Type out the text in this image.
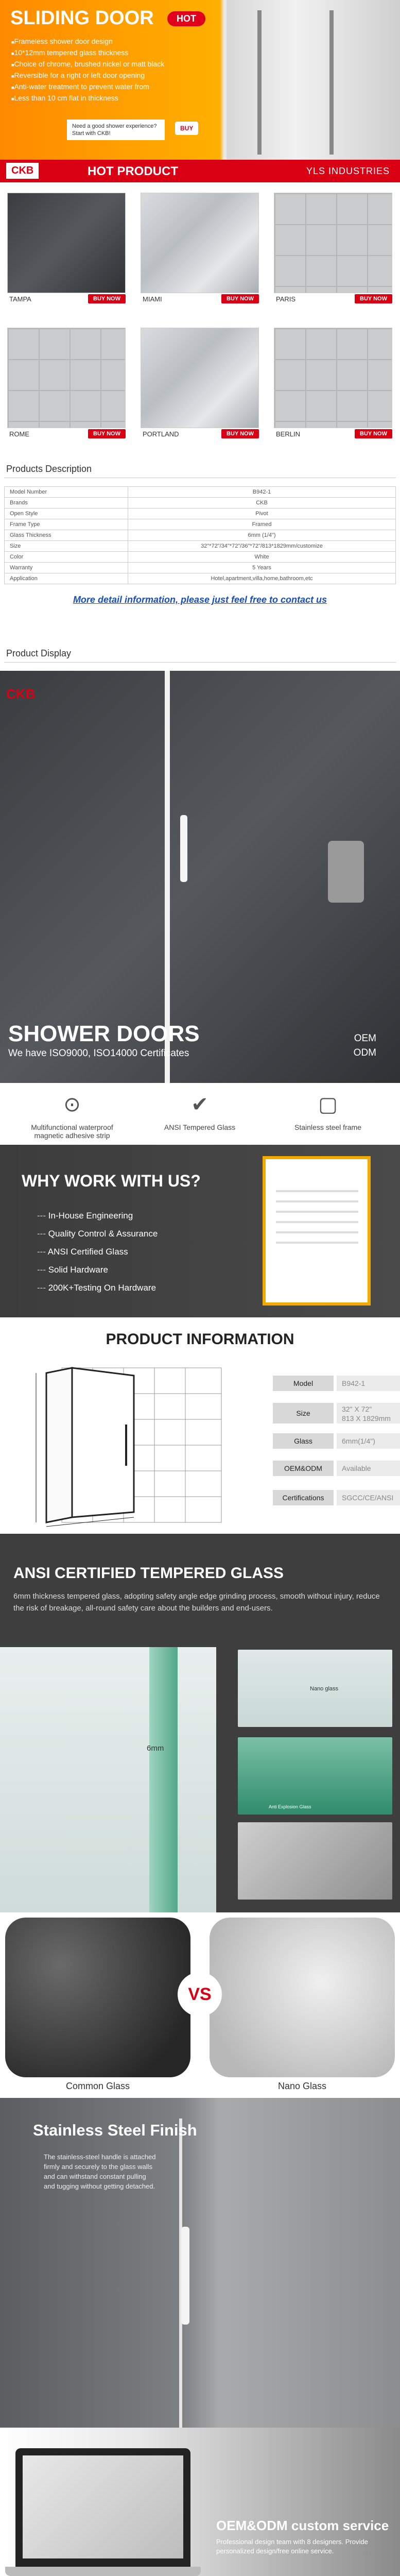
SLIDING DOOR	HOT
■ Frameless shower door design
■ 10*12mm tempered glass thickness
■ Choice of chrome, brushed nickel or matt black
■ Reversible for a right or left door opening
■ Anti-water treatment to prevent water from
■ Less than 10 cm flat in thickness
Need a good shower experience? Start with CKB!
BUY
CKB	HOT PRODUCT	YLS INDUSTRIES
TAMPA	BUY NOW	MIAMI	BUY NOW	PARIS	BUY NOW
ROME	BUY NOW	PORTLAND	BUY NOW	BERLIN	BUY NOW
Products Description
Model Number	B942-1
Brands	CKB
Open Style	Pivot
Frame Type	Framed
Glass Thickness	6mm (1/4")
Size	32"*72"/34"*72"/36"*72"/813*1829mm/customize
Color	White
Warranty	5 Years
Application	Hotel,apartment,villa,home,bathroom,etc
More detail information, please just feel free to contact us
Product Display
CKB
SHOWER DOORS
We have ISO9000, ISO14000 Certificates
OEM
ODM
⊙
Multifunctional waterproof magnetic adhesive strip
✔
ANSI Tempered Glass
▢
Stainless steel frame
WHY WORK WITH US?
--- In-House Engineering
--- Quality Control & Assurance
--- ANSI Certified Glass
--- Solid Hardware
--- 200K+Testing On Hardware
PRODUCT INFORMATION
Model	B942-1
Size	32" X 72"
813 X 1829mm
Glass	6mm(1/4")
OEM&ODM	Available
Certifications	SGCC/CE/ANSI
ANSI CERTIFIED TEMPERED GLASS
6mm thickness tempered glass, adopting safety angle edge grinding process, smooth without injury, reduce the risk of breakage, all-round safety care about the builders and end-users.
6mm
Nano glass
Anti Explosion Glass
Common Glass	Nano Glass
VS
Stainless Steel Finish
The stainless-steel handle is attached firmly and securely to the glass walls and can withstand constant pulling and tugging without getting detached.
OEM&ODM custom service
Professional design team with 8 designers. Provide personalized design/free online service.
